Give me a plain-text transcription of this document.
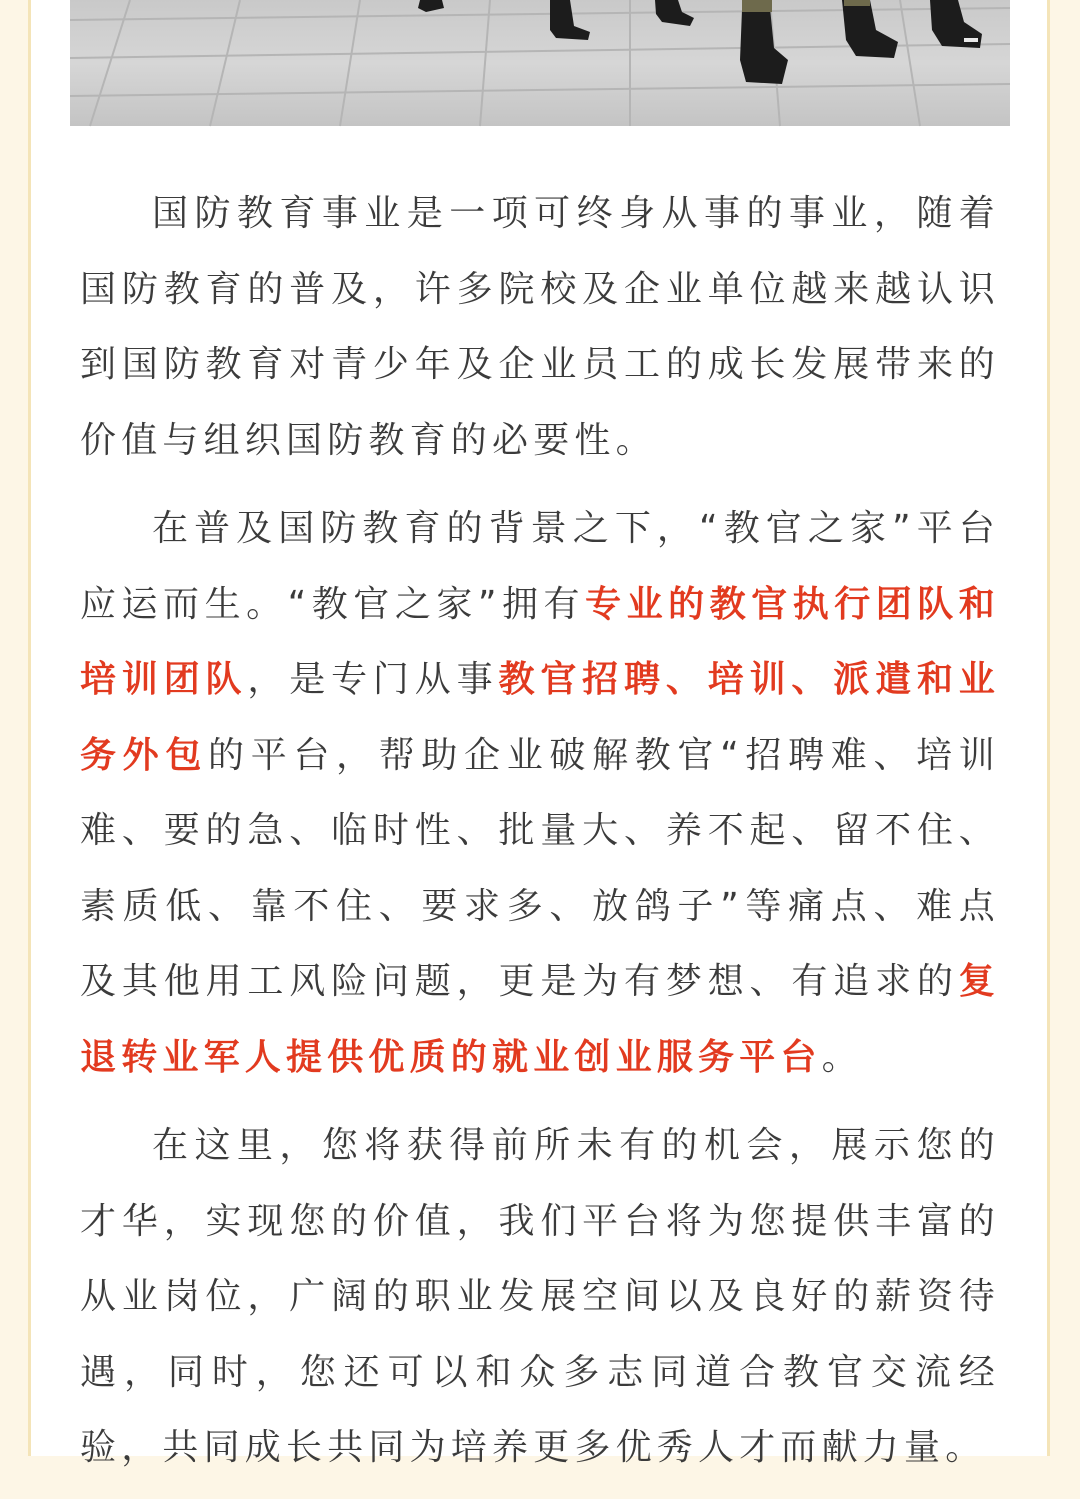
国防教育事业是一项可终身从事的事业，随着国防教育的普及，许多院校及企业单位越来越认识到国防教育对青少年及企业员工的成长发展带来的价值与组织国防教育的必要性。

在普及国防教育的背景之下，“教官之家”平台应运而生。“教官之家”拥有专业的教官执行团队和培训团队，是专门从事教官招聘、培训、派遣和业务外包的平台，帮助企业破解教官“招聘难、培训难、要的急、临时性、批量大、养不起、留不住、素质低、靠不住、要求多、放鸽子”等痛点、难点及其他用工风险问题，更是为有梦想、有追求的复退转业军人提供优质的就业创业服务平台。

在这里，您将获得前所未有的机会，展示您的才华，实现您的价值，我们平台将为您提供丰富的从业岗位，广阔的职业发展空间以及良好的薪资待遇，同时，您还可以和众多志同道合教官交流经验，共同成长共同为培养更多优秀人才而献力量。
